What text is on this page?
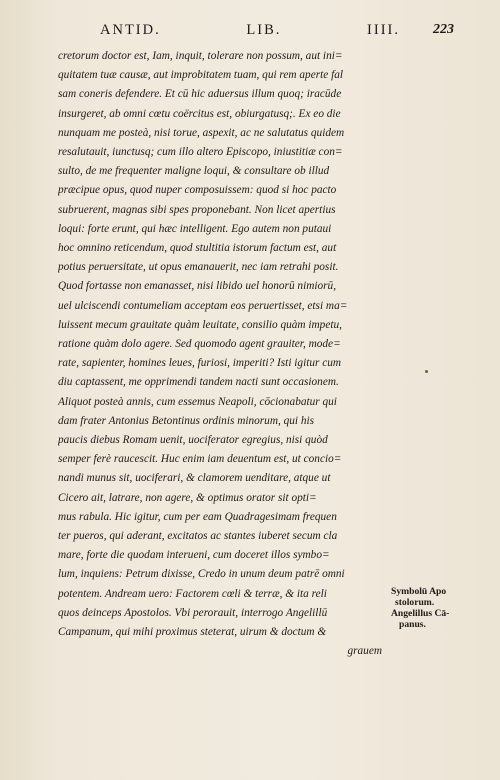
ANTID.	LIB.	IIII. 223
cretorum doctor est, Iam, inquit, tolerare non possum, aut ini=
quitatem tuæ causæ, aut improbitatem tuam, qui rem aperte fal
sam coneris defendere. Et cū hic aduersus illum quoq; iracūde
insurgeret, ab omni cœtu coërcitus est, obiurgatusq;. Ex eo die
nunquam me posteà, nisi torue, aspexit, ac ne salutatus quidem
resalutauit, iunctusq; cum illo altero Episcopo, iniustitiæ con=
sulto, de me frequenter maligne loqui, & consultare ob illud
præcipue opus, quod nuper composuissem: quod si hoc pacto
subruerent, magnas sibi spes proponebant. Non licet apertius
loqui: forte erunt, qui hæc intelligent. Ego autem non putaui
hoc omnino reticendum, quod stultitia istorum factum est, aut
potius peruersitate, ut opus emanauerit, nec iam retrahi posit.
Quod fortasse non emanasset, nisi libido uel honorū nimiorū,
uel ulciscendi contumeliam acceptam eos peruertisset, etsi ma=
luissent mecum grauitate quàm leuitate, consilio quàm impetu,
ratione quàm dolo agere. Sed quomodo agent grauiter, mode=
rate, sapienter, homines leues, furiosi, imperiti? Isti igitur cum
diu captassent, me opprimendi tandem nacti sunt occasionem.
Aliquot posteà annis, cum essemus Neapoli, cōcionabatur qui
dam frater Antonius Betontinus ordinis minorum, qui his
paucis diebus Romam uenit, uociferator egregius, nisi quòd
semper ferè raucescit. Huc enim iam deuentum est, ut concio=
nandi munus sit, uociferari, & clamorem uenditare, atque ut
Cicero ait, latrare, non agere, & optimus orator sit opti=
mus rabula. Hic igitur, cum per eam Quadragesimam frequen
ter pueros, qui aderant, excitatos ac stantes iuberet secum cla
mare, forte die quodam interueni, cum doceret illos symbo=
lum, inquiens: Petrum dixisse, Credo in unum deum patrē omni
potentem. Andream uero: Factorem cœli & terræ, & ita reli
quos deinceps Apostolos. Vbi perorauit, interrogo Angelillū
Campanum, qui mihi proximus steterat, uirum & doctum &
grauem
Symbolū Apo
stolorum.
Angelillus Cā-
panus.
